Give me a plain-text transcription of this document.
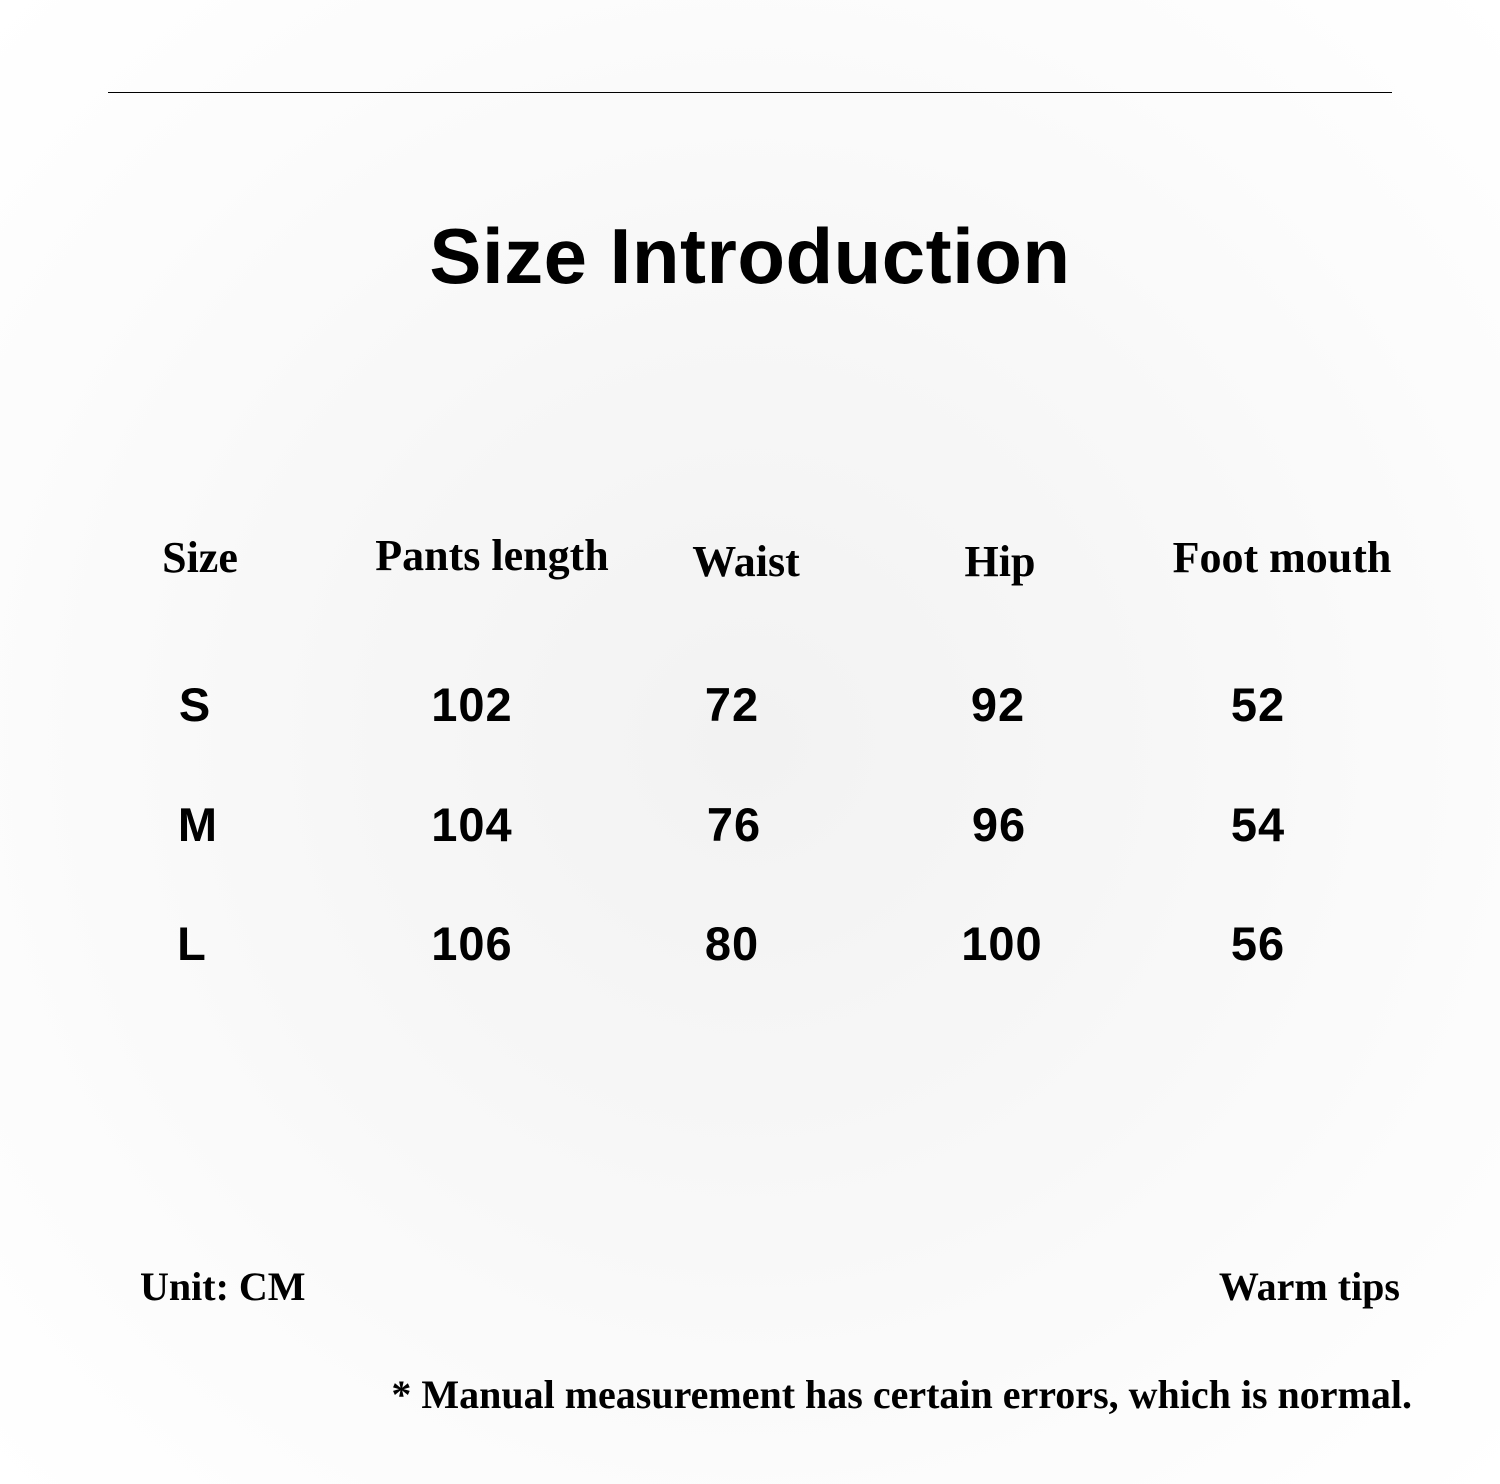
Size Introduction
Size	Pants length	Waist	Hip	Foot mouth
S	102	72	92	52
M	104	76	96	54
L	106	80	100	56
Unit: CM	Warm tips
* Manual measurement has certain errors, which is normal.
